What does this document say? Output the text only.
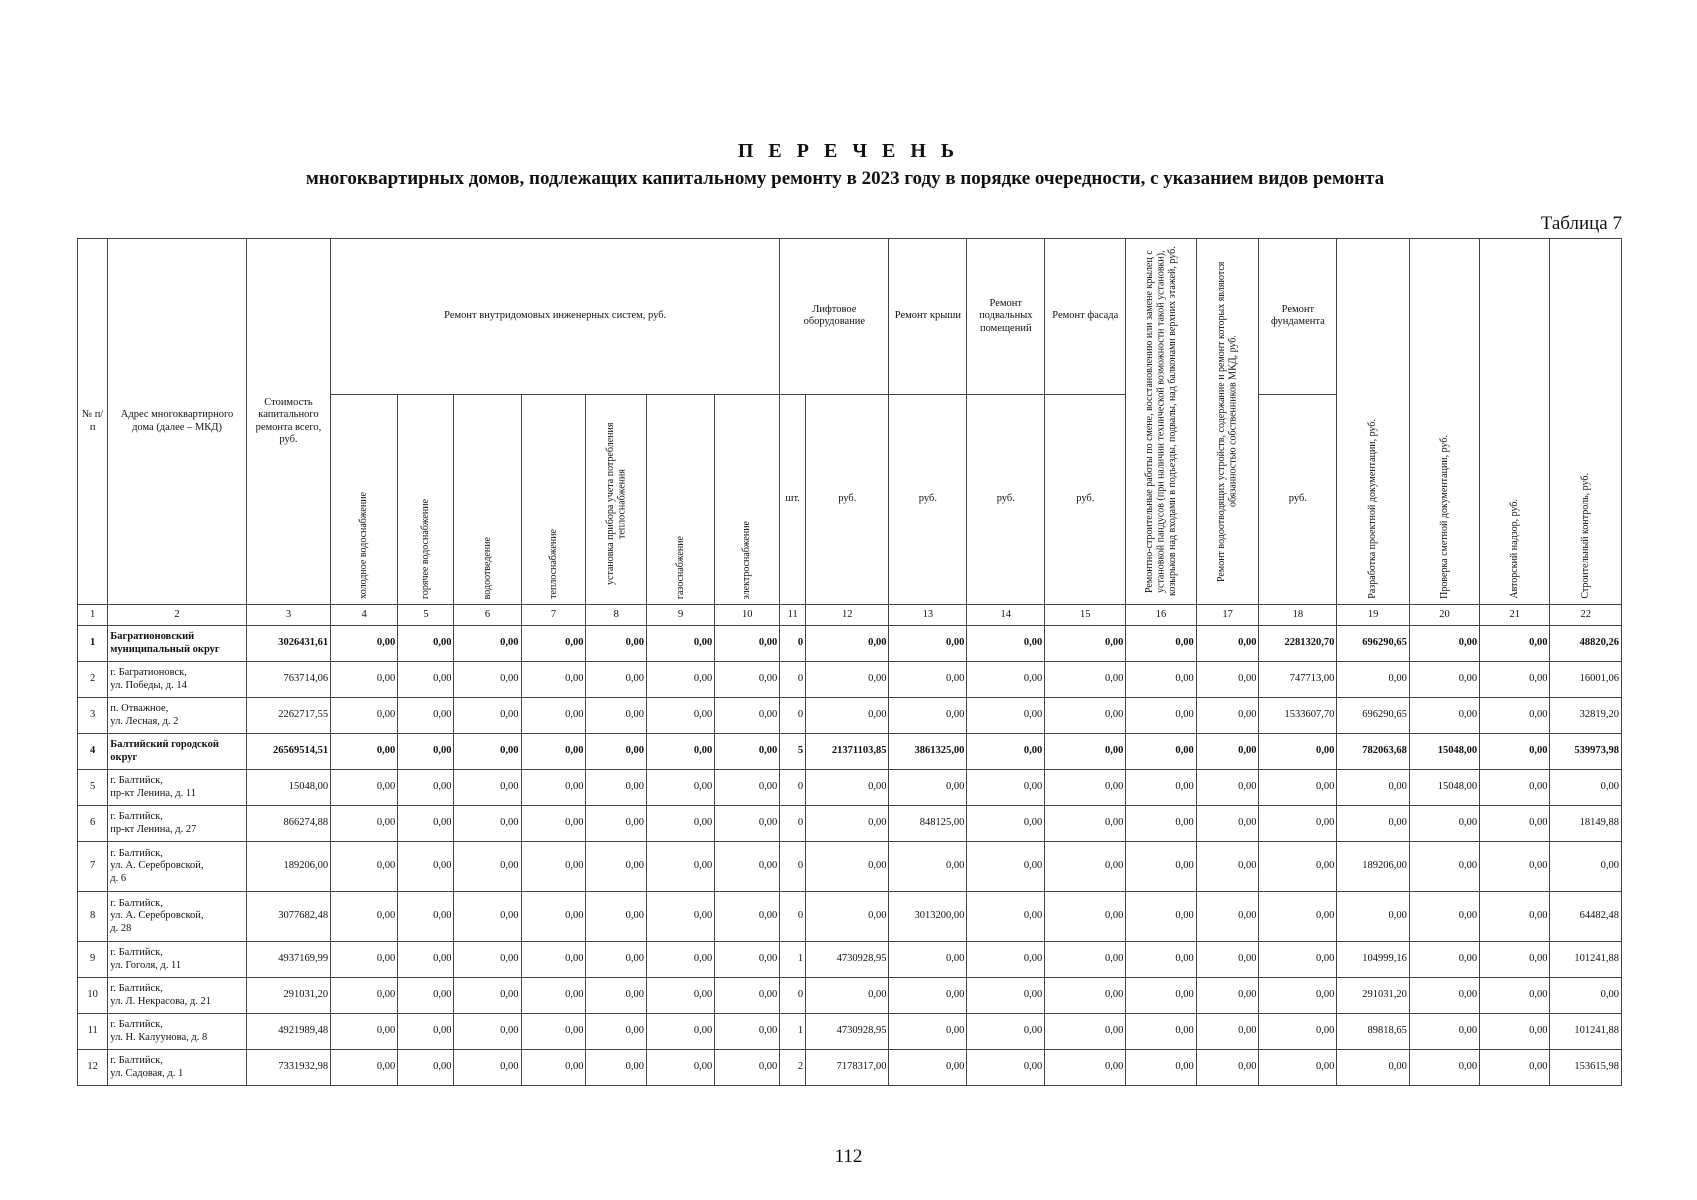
П Е Р Е Ч Е Н Ь
многоквартирных домов, подлежащих капитальному ремонту в 2023 году в порядке очередности, с указанием видов ремонта
Таблица 7
№ п/п	Адрес многоквартирного дома (далее – МКД)	Стоимость капитального ремонта всего, руб.	Ремонт внутридомовых инженерных систем, руб.							Лифтовое оборудование		Ремонт крыши	Ремонт подвальных помещений	Ремонт фасада	Ремонтно-строительные работы по смене, восстановлению или замене крылец с установкой пандусов (при наличии технической возможности такой установки), козырьков над входами в подъезды, подвалы, над балконами верхних этажей, руб.	Ремонт водоотводящих устройств, содержание и ремонт которых являются обязанностью собственников МКД, руб.	Ремонт фундамента	Разработка проектной документации, руб.	Проверка сметной документации, руб.	Авторский надзор, руб.	Строительный контроль, руб.

			холодное водоснабжение	горячее водоснабжение	водоотведение	теплоснабжение	установка прибора учета потребления теплоснабжения	газоснабжение	электроснабжение	шт.	руб.	руб.	руб.	руб.			руб.				
1	2	3	4	5	6	7	8	9	10	11	12	13	14	15	16	17	18	19	20	21	22
1	Багратионовский
муниципальный округ	3026431,61	0,00	0,00	0,00	0,00	0,00	0,00	0,00	0	0,00	0,00	0,00	0,00	0,00	0,00	2281320,70	696290,65	0,00	0,00	48820,26
2	г. Багратионовск,
ул. Победы, д. 14	763714,06	0,00	0,00	0,00	0,00	0,00	0,00	0,00	0	0,00	0,00	0,00	0,00	0,00	0,00	747713,00	0,00	0,00	0,00	16001,06
3	п. Отважное,
ул. Лесная, д. 2	2262717,55	0,00	0,00	0,00	0,00	0,00	0,00	0,00	0	0,00	0,00	0,00	0,00	0,00	0,00	1533607,70	696290,65	0,00	0,00	32819,20
4	Балтийский городской
округ	26569514,51	0,00	0,00	0,00	0,00	0,00	0,00	0,00	5	21371103,85	3861325,00	0,00	0,00	0,00	0,00	0,00	782063,68	15048,00	0,00	539973,98
5	г. Балтийск,
пр-кт Ленина, д. 11	15048,00	0,00	0,00	0,00	0,00	0,00	0,00	0,00	0	0,00	0,00	0,00	0,00	0,00	0,00	0,00	0,00	15048,00	0,00	0,00
6	г. Балтийск,
пр-кт Ленина, д. 27	866274,88	0,00	0,00	0,00	0,00	0,00	0,00	0,00	0	0,00	848125,00	0,00	0,00	0,00	0,00	0,00	0,00	0,00	0,00	18149,88
7	г. Балтийск,
ул. А. Серебровской,
д. 6	189206,00	0,00	0,00	0,00	0,00	0,00	0,00	0,00	0	0,00	0,00	0,00	0,00	0,00	0,00	0,00	189206,00	0,00	0,00	0,00
8	г. Балтийск,
ул. А. Серебровской,
д. 28	3077682,48	0,00	0,00	0,00	0,00	0,00	0,00	0,00	0	0,00	3013200,00	0,00	0,00	0,00	0,00	0,00	0,00	0,00	0,00	64482,48
9	г. Балтийск,
ул. Гоголя, д. 11	4937169,99	0,00	0,00	0,00	0,00	0,00	0,00	0,00	1	4730928,95	0,00	0,00	0,00	0,00	0,00	0,00	104999,16	0,00	0,00	101241,88
10	г. Балтийск,
ул. Л. Некрасова, д. 21	291031,20	0,00	0,00	0,00	0,00	0,00	0,00	0,00	0	0,00	0,00	0,00	0,00	0,00	0,00	0,00	291031,20	0,00	0,00	0,00
11	г. Балтийск,
ул. Н. Калуунова, д. 8	4921989,48	0,00	0,00	0,00	0,00	0,00	0,00	0,00	1	4730928,95	0,00	0,00	0,00	0,00	0,00	0,00	89818,65	0,00	0,00	101241,88
12	г. Балтийск,
ул. Садовая, д. 1	7331932,98	0,00	0,00	0,00	0,00	0,00	0,00	0,00	2	7178317,00	0,00	0,00	0,00	0,00	0,00	0,00	0,00	0,00	0,00	153615,98
112
